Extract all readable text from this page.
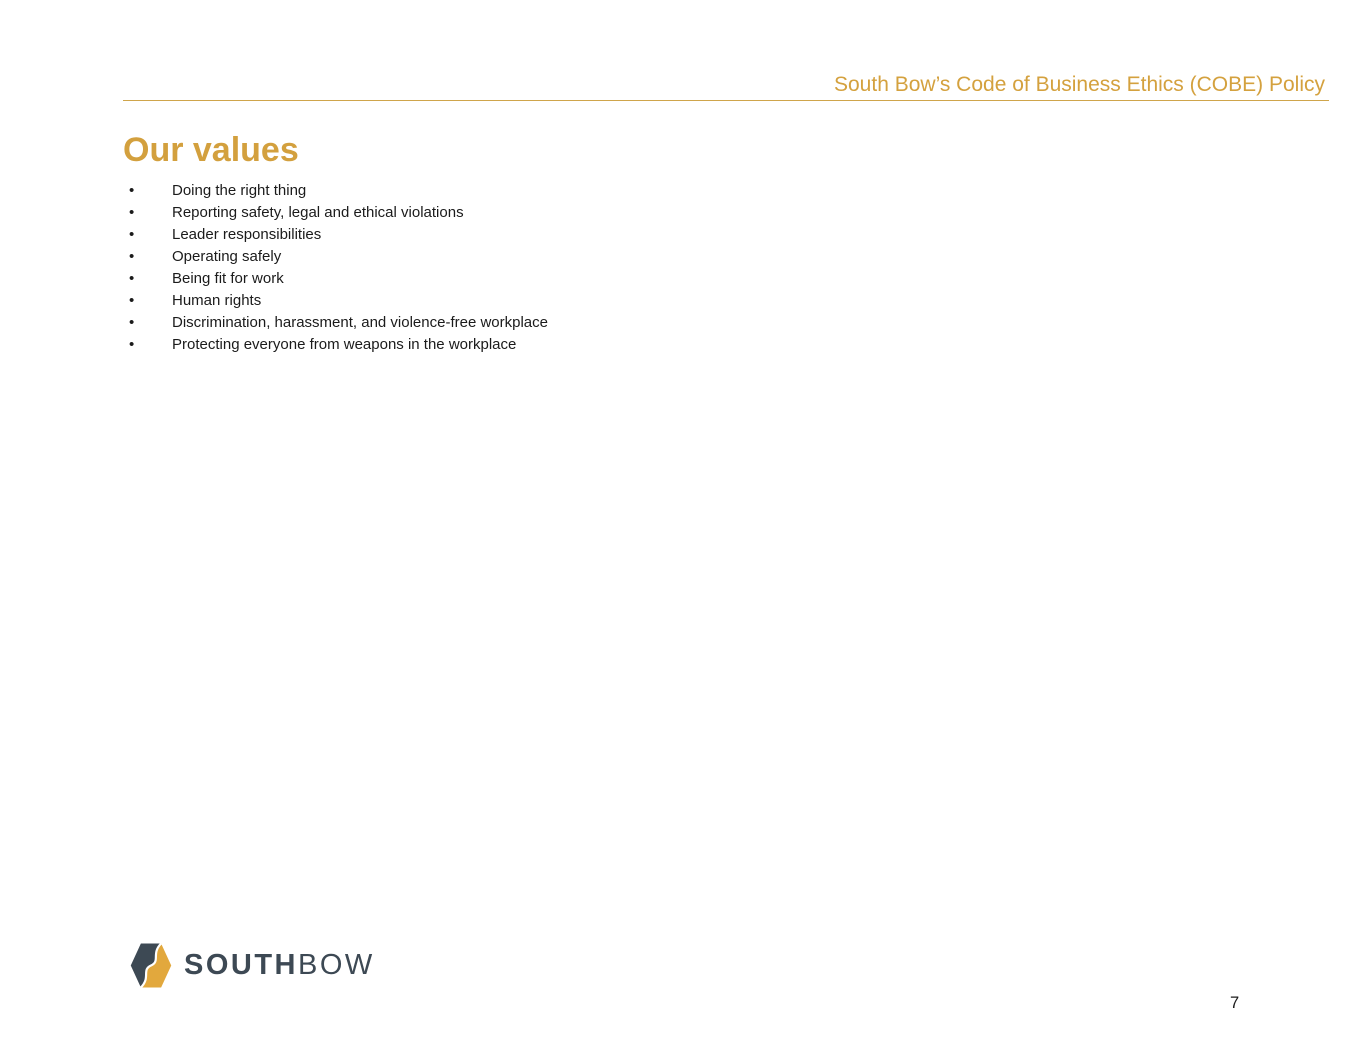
South Bow’s Code of Business Ethics (COBE) Policy
Our values
•	Doing the right thing
•	Reporting safety, legal and ethical violations
•	Leader responsibilities
•	Operating safely
•	Being fit for work
•	Human rights
•	Discrimination, harassment, and violence-free workplace
•	Protecting everyone from weapons in the workplace
SOUTHBOW
7
